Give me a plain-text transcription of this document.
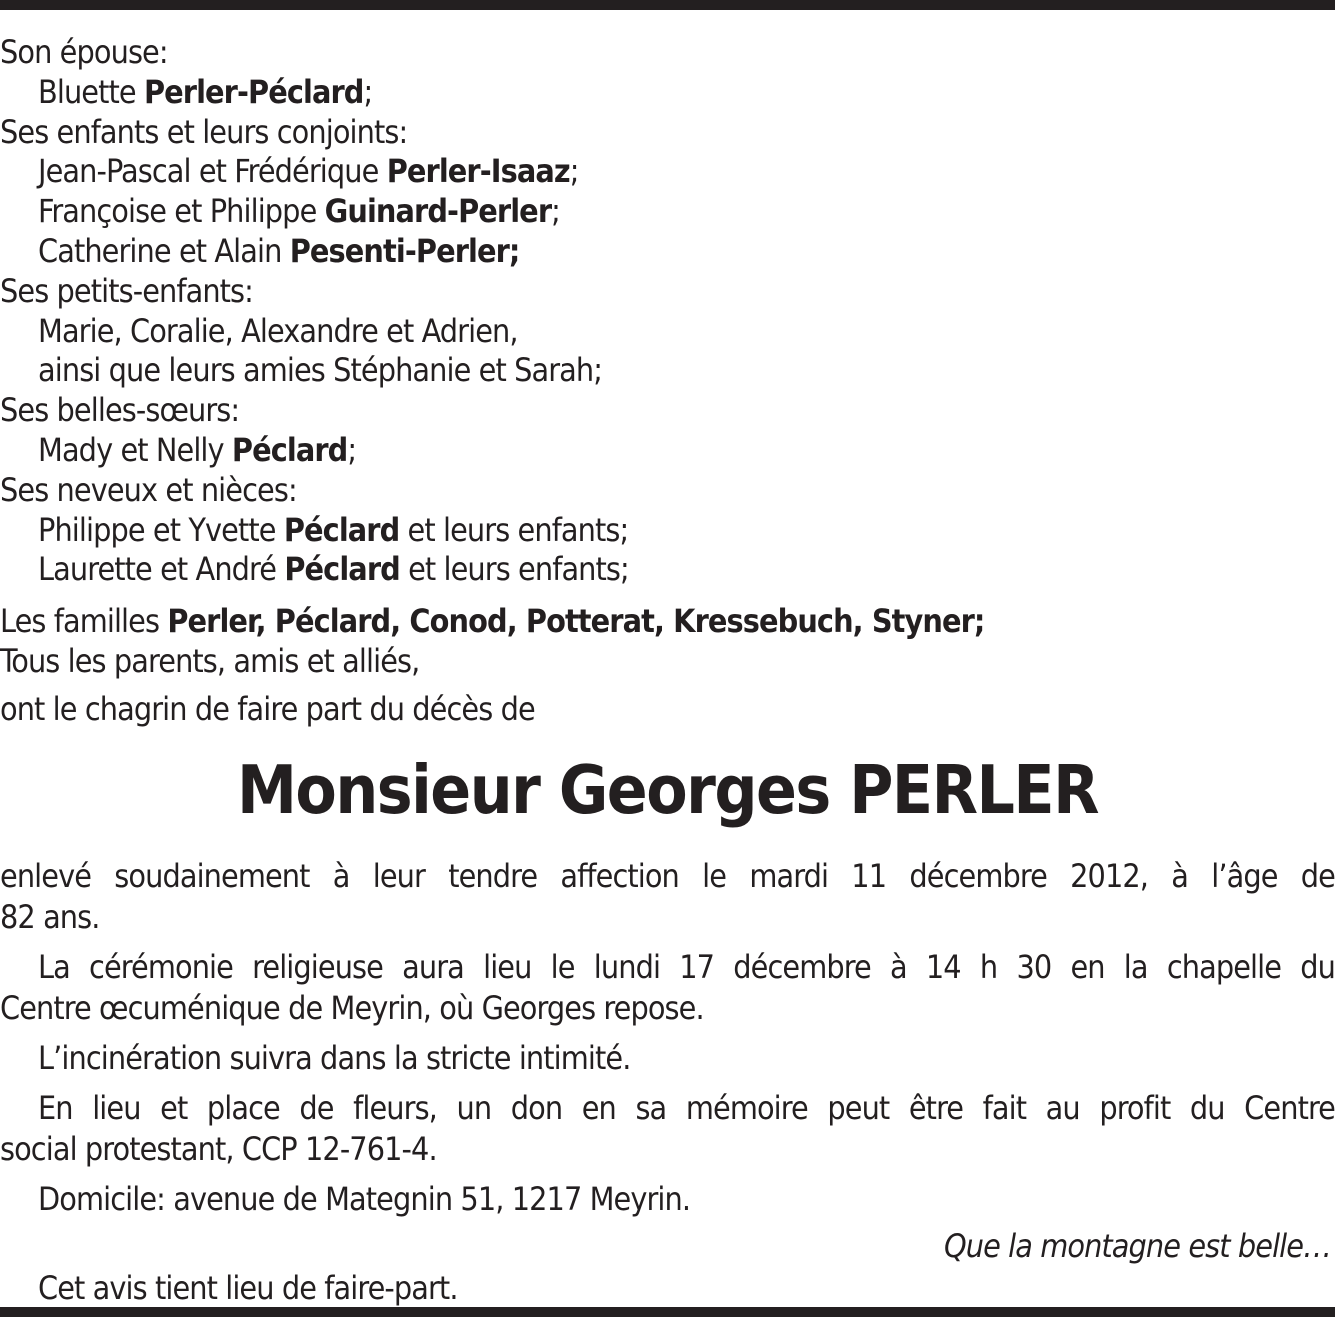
Son épouse:
Bluette Perler-Péclard;
Ses enfants et leurs conjoints:
Jean-Pascal et Frédérique Perler-Isaaz;
Françoise et Philippe Guinard-Perler;
Catherine et Alain Pesenti-Perler;
Ses petits-enfants:
Marie, Coralie, Alexandre et Adrien,
ainsi que leurs amies Stéphanie et Sarah;
Ses belles-sœurs:
Mady et Nelly Péclard;
Ses neveux et nièces:
Philippe et Yvette Péclard et leurs enfants;
Laurette et André Péclard et leurs enfants;
Les familles Perler, Péclard, Conod, Potterat, Kressebuch, Styner;
Tous les parents, amis et alliés,
ont le chagrin de faire part du décès de
Monsieur Georges PERLER
enlevé soudainement à leur tendre affection le mardi 11 décembre 2012, à l’âge de
82 ans.
La cérémonie religieuse aura lieu le lundi 17 décembre à 14 h 30 en la chapelle du
Centre œcuménique de Meyrin, où Georges repose.
L’incinération suivra dans la stricte intimité.
En lieu et place de fleurs, un don en sa mémoire peut être fait au profit du Centre
social protestant, CCP 12-761-4.
Domicile: avenue de Mategnin 51, 1217 Meyrin.
Que la montagne est belle…
Cet avis tient lieu de faire-part.
